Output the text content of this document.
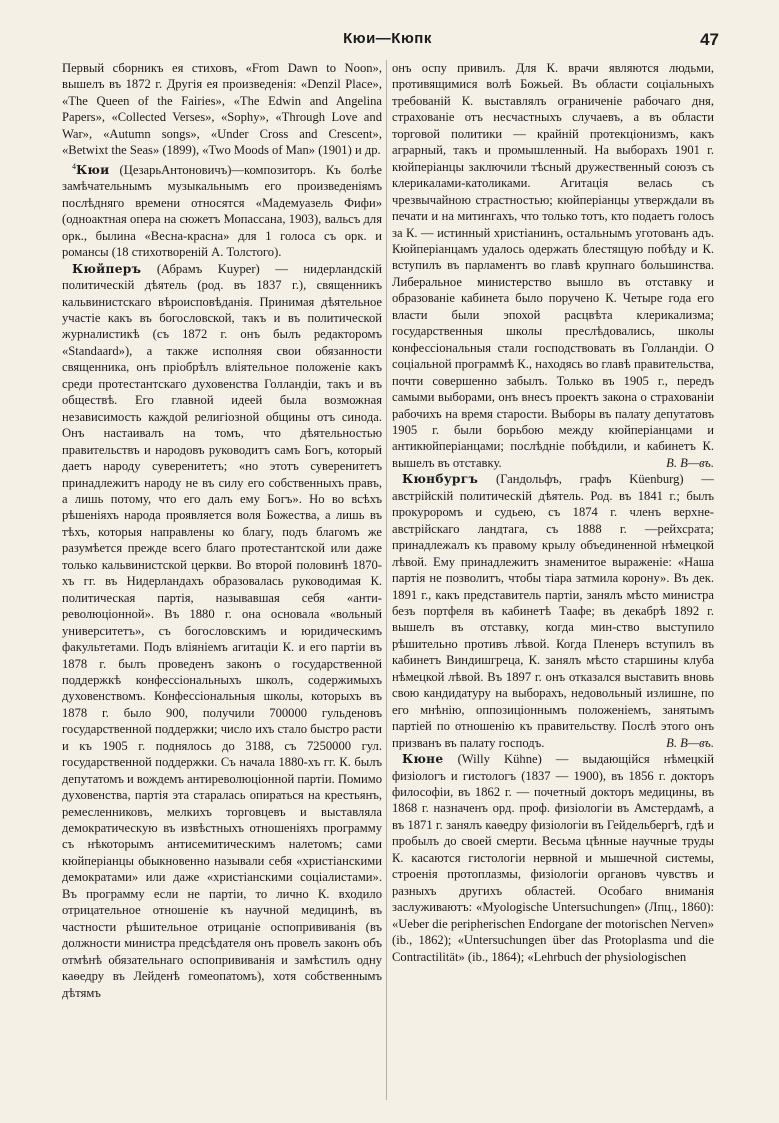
Кюи—Кюпк	47

Первый сборникъ ея стиховъ, «From Dawn to Noon», вышелъ въ 1872 г. Другія ея произведенія: «Denzil Place», «The Queen of the Fairies», «The Edwin and Angelina Papers», «Collected Verses», «Sophy», «Through Love and War», «Autumn songs», «Under Cross and Crescent», «Betwixt the Seas» (1899), «Two Moods of Man» (1901) и др.

$^4$Кюи (ЦезарьАнтоновичъ)—композиторъ. Къ болѣе замѣчательнымъ музыкальнымъ его произведеніямъ послѣдняго времени относятся «Мадемуазель Фифи» (одноактная опера на сюжетъ Мопассана, 1903), вальсъ для орк., былина «Весна-красна» для 1 голоса съ орк. и романсы (18 стихотвореній А. Толстого).

Кюйперъ (Абрамъ Kuyper) — нидерландскій политическій дѣятель (род. въ 1837 г.), священникъ кальвинистскаго вѣроисповѣданія. Принимая дѣятельное участіе какъ въ богословской, такъ и въ политической журналистикѣ (съ 1872 г. онъ былъ редакторомъ «Standaard»), а также исполняя свои обязанности священника, онъ пріобрѣлъ вліятельное положеніе какъ среди протестантскаго духовенства Голландіи, такъ и въ обществѣ. Его главной идеей была возможная независимость каждой религіозной общины отъ синода. Онъ настаивалъ на томъ, что дѣятельностью правительствъ и народовъ руководитъ самъ Богъ, который даетъ народу суверенитетъ; «но этотъ суверенитетъ принадлежитъ народу не въ силу его собственныхъ правъ, а лишь потому, что его далъ ему Богъ». Но во всѣхъ рѣшеніяхъ народа проявляется воля Божества, а лишь въ тѣхъ, которыя направлены ко благу, подъ благомъ же разумѣется прежде всего благо протестантской или даже только кальвинистской церкви. Во второй половинѣ 1870-хъ гг. въ Нидерландахъ образовалась руководимая К. политическая партія, называвшая себя «анти-революціонной». Въ 1880 г. она основала «вольный университетъ», съ богословскимъ и юридическимъ факультетами. Подъ вліяніемъ агитаціи К. и его партіи въ 1878 г. былъ проведенъ законъ о государственной поддержкѣ конфессіональныхъ школъ, содержимыхъ духовенствомъ. Конфессіональныя школы, которыхъ въ 1878 г. было 900, получили 700000 гульденовъ государственной поддержки; число ихъ стало быстро расти и къ 1905 г. поднялось до 3188, съ 7250000 гул. государственной поддержки. Съ начала 1880-хъ гг. К. былъ депутатомъ и вождемъ антиреволюціонной партіи. Помимо духовенства, партія эта старалась опираться на крестьянъ, ремесленниковъ, мелкихъ торговцевъ и выставляла демократическую въ извѣстныхъ отношеніяхъ программу съ нѣкоторымъ антисемитическимъ налетомъ; сами кюйперіанцы обыкновенно называли себя «христіанскими демократами» или даже «христіанскими соціалистами». Въ программу если не партіи, то лично К. входило отрицательное отношеніе къ научной медицинѣ, въ частности рѣшительное отрицаніе оспопрививанія (въ должности министра предсѣдателя онъ провелъ законъ объ отмѣнѣ обязательнаго оспопрививанія и замѣстилъ одну каѳедру въ Лейденѣ гомеопатомъ), хотя собственнымъ дѣтямъ

онъ оспу привилъ. Для К. врачи являются людьми, противящимися волѣ Божьей. Въ области соціальныхъ требованій К. выставлялъ ограниченіе рабочаго дня, страхованіе отъ несчастныхъ случаевъ, а въ области торговой политики — крайній протекціонизмъ, какъ аграрный, такъ и промышленный. На выборахъ 1901 г. кюйперіанцы заключили тѣсный дружественный союзъ съ клерикалами-католиками. Агитація велась съ чрезвычайною страстностью; кюйперіанцы утверждали въ печати и на митингахъ, что только тотъ, кто подаетъ голосъ за К. — истинный христіанинъ, остальнымъ уготованъ адъ. Кюйперіанцамъ удалось одержать блестящую побѣду и К. вступилъ въ парламентъ во главѣ крупнаго большинства. Либеральное министерство вышло въ отставку и образованіе кабинета было поручено К. Четыре года его власти были эпохой расцвѣта клерикализма; государственныя школы преслѣдовались, школы конфессіональныя стали господствовать въ Голландіи. О соціальной программѣ К., находясь во главѣ правительства, почти совершенно забылъ. Только въ 1905 г., передъ самыми выборами, онъ внесъ проектъ закона о страхованіи рабочихъ на время старости. Выборы въ палату депутатовъ 1905 г. были борьбою между кюйперіанцами и антикюйперіанцами; послѣдніе побѣдили, и кабинетъ К. вышелъ въ отставку.	В. В—въ.

Кюнбургъ (Гандольфъ, графъ Küenburg) —австрійскій политическій дѣятель. Род. въ 1841 г.; былъ прокуроромъ и судьею, съ 1874 г. членъ верхне-австрійскаго ландтага, съ 1888 г. —рейхсрата; принадлежалъ къ правому крылу объединенной нѣмецкой лѣвой. Ему принадлежитъ знаменитое выраженіе: «Наша партія не позволитъ, чтобы тіара затмила корону». Въ дек. 1891 г., какъ представитель партіи, занялъ мѣсто министра безъ портфеля въ кабинетѣ Таафе; въ декабрѣ 1892 г. вышелъ въ отставку, когда мин-ство выступило рѣшительно противъ лѣвой. Когда Пленеръ вступилъ въ кабинетъ Виндишгреца, К. занялъ мѣсто старшины клуба нѣмецкой лѣвой. Въ 1897 г. онъ отказался выставить вновь свою кандидатуру на выборахъ, недовольный излишне, по его мнѣнію, оппозиціоннымъ положеніемъ, занятымъ партіей по отношенію къ правительству. Послѣ этого онъ призванъ въ палату господъ.	В. В—въ.

Кюне (Willy Kühne) — выдающійся нѣмецкій физіологъ и гистологъ (1837 — 1900), въ 1856 г. докторъ философіи, въ 1862 г. — почетный докторъ медицины, въ 1868 г. назначенъ орд. проф. физіологіи въ Амстердамѣ, а въ 1871 г. занялъ каѳедру физіологіи въ Гейдельбергѣ, гдѣ и пробылъ до своей смерти. Весьма цѣнные научные труды К. касаются гистологіи нервной и мышечной системы, строенія протоплазмы, физіологіи органовъ чувствъ и разныхъ другихъ областей. Особаго вниманія заслуживаютъ: «Myologische Untersuchungen» (Лпц., 1860): «Ueber die peripherischen Endorgane der motorischen Nerven» (ib., 1862); «Untersuchungen über das Protoplasma und die Contractilität» (ib., 1864); «Lehrbuch der physiologischen
